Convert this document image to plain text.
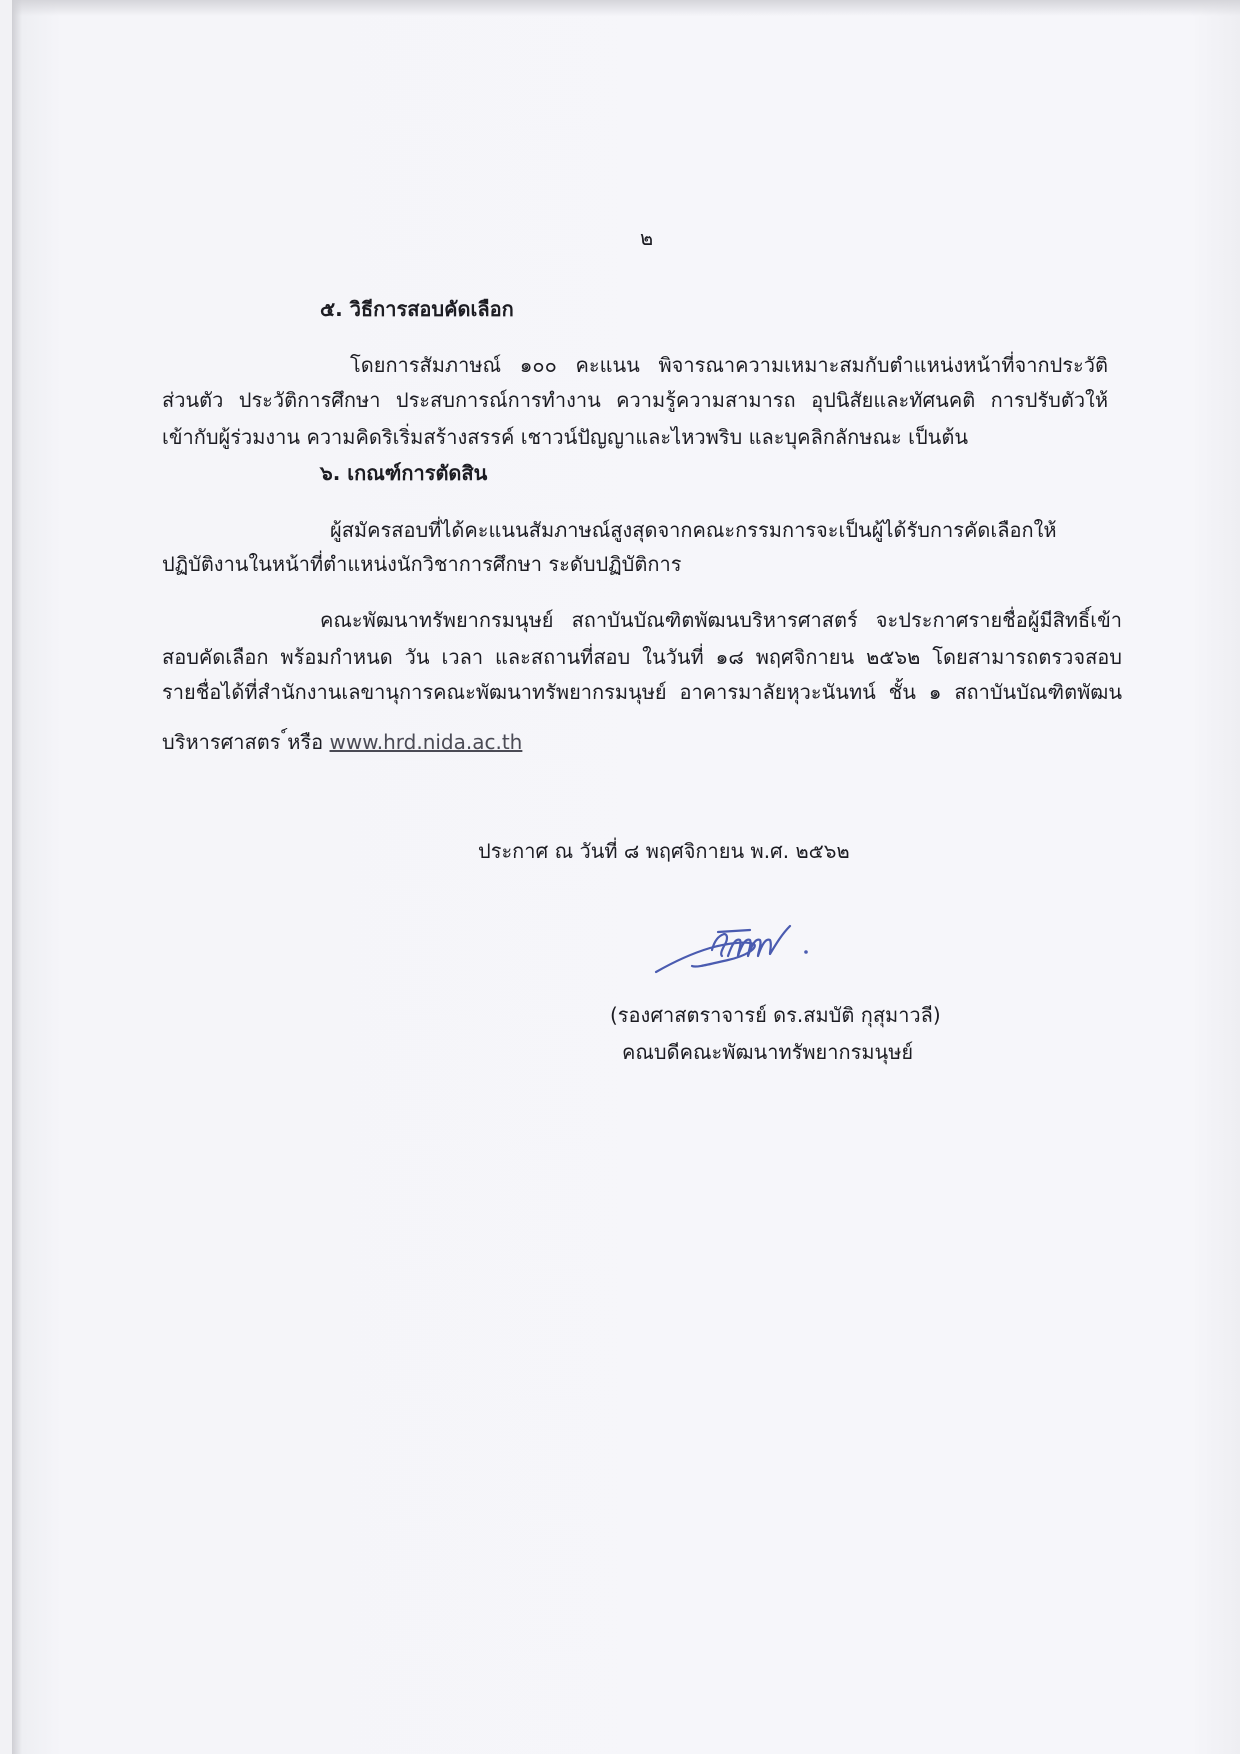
๒

๕. วิธีการสอบคัดเลือก

โดยการสัมภาษณ์ ๑๐๐ คะแนน พิจารณาความเหมาะสมกับตำแหน่งหน้าที่จากประวัติ

ส่วนตัว ประวัติการศึกษา ประสบการณ์การทำงาน ความรู้ความสามารถ อุปนิสัยและทัศนคติ การปรับตัวให้

เข้ากับผู้ร่วมงาน ความคิดริเริ่มสร้างสรรค์ เชาวน์ปัญญาและไหวพริบ และบุคลิกลักษณะ เป็นต้น

๖. เกณฑ์การตัดสิน

ผู้สมัครสอบที่ได้คะแนนสัมภาษณ์สูงสุดจากคณะกรรมการจะเป็นผู้ได้รับการคัดเลือกให้

ปฏิบัติงานในหน้าที่ตำแหน่งนักวิชาการศึกษา ระดับปฏิบัติการ

คณะพัฒนาทรัพยากรมนุษย์ สถาบันบัณฑิตพัฒนบริหารศาสตร์ จะประกาศรายชื่อผู้มีสิทธิ์เข้า

สอบคัดเลือก พร้อมกำหนด วัน เวลา และสถานที่สอบ ในวันที่ ๑๘ พฤศจิกายน ๒๕๖๒ โดยสามารถตรวจสอบ

รายชื่อได้ที่สำนักงานเลขานุการคณะพัฒนาทรัพยากรมนุษย์ อาคารมาลัยหุวะนันทน์ ชั้น ๑ สถาบันบัณฑิตพัฒน

บริหารศาสตร ์หรือ www.hrd.nida.ac.th

ประกาศ ณ วันที่ ๘ พฤศจิกายน พ.ศ. ๒๕๖๒

(รองศาสตราจารย์ ดร.สมบัติ กุสุมาวลี)

คณบดีคณะพัฒนาทรัพยากรมนุษย์
